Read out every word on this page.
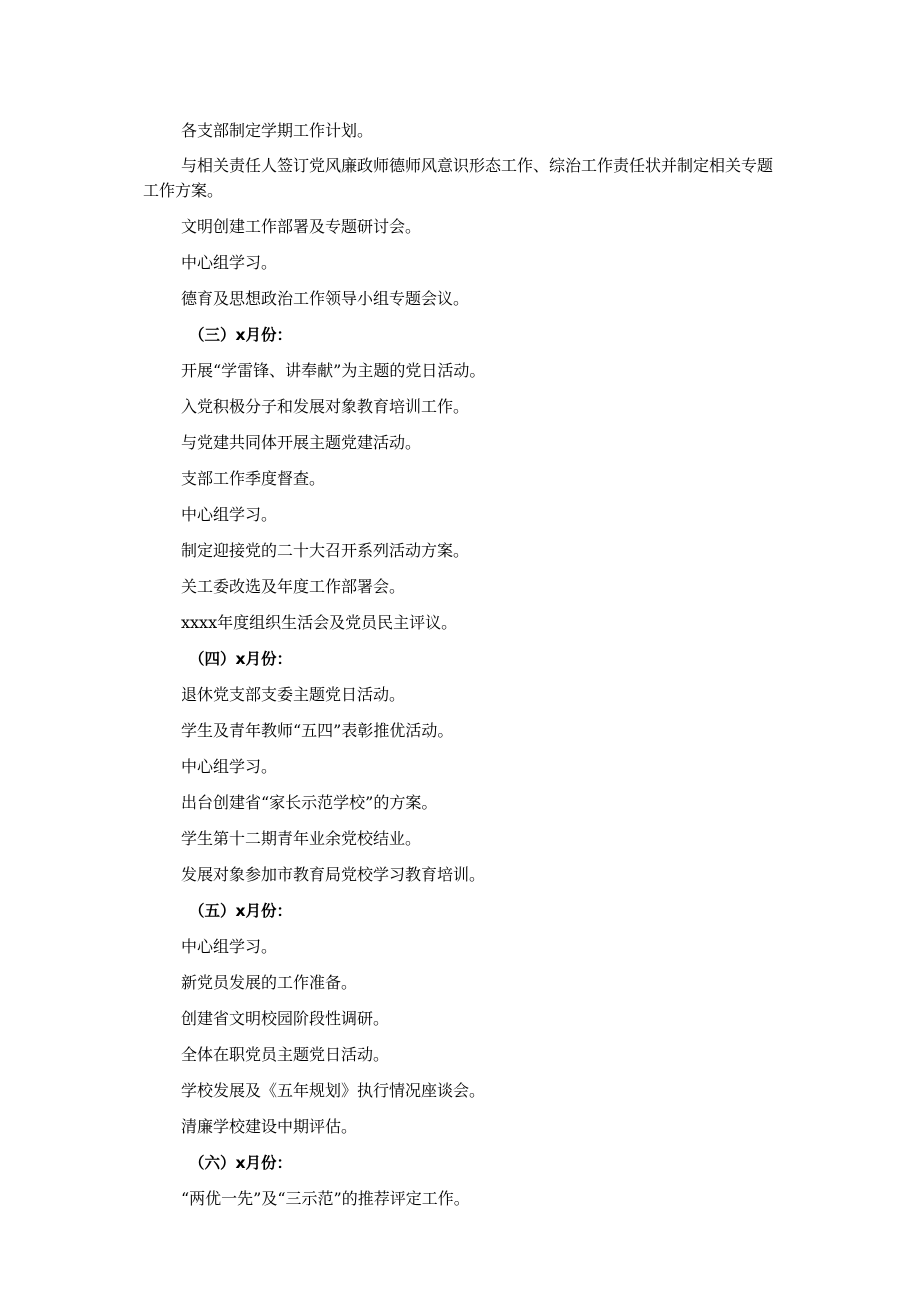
各支部制定学期工作计划。

与相关责任人签订党风廉政师德师风意识形态工作、综治工作责任状并制定相关专题工作方案。

文明创建工作部署及专题研讨会。

中心组学习。

德育及思想政治工作领导小组专题会议。

（三）x月份：

开展“学雷锋、讲奉献”为主题的党日活动。

入党积极分子和发展对象教育培训工作。

与党建共同体开展主题党建活动。

支部工作季度督查。

中心组学习。

制定迎接党的二十大召开系列活动方案。

关工委改选及年度工作部署会。

xxxx年度组织生活会及党员民主评议。

（四）x月份：

退休党支部支委主题党日活动。

学生及青年教师“五四”表彰推优活动。

中心组学习。

出台创建省“家长示范学校”的方案。

学生第十二期青年业余党校结业。

发展对象参加市教育局党校学习教育培训。

（五）x月份：

中心组学习。

新党员发展的工作准备。

创建省文明校园阶段性调研。

全体在职党员主题党日活动。

学校发展及《五年规划》执行情况座谈会。

清廉学校建设中期评估。

（六）x月份：

“两优一先”及“三示范”的推荐评定工作。
